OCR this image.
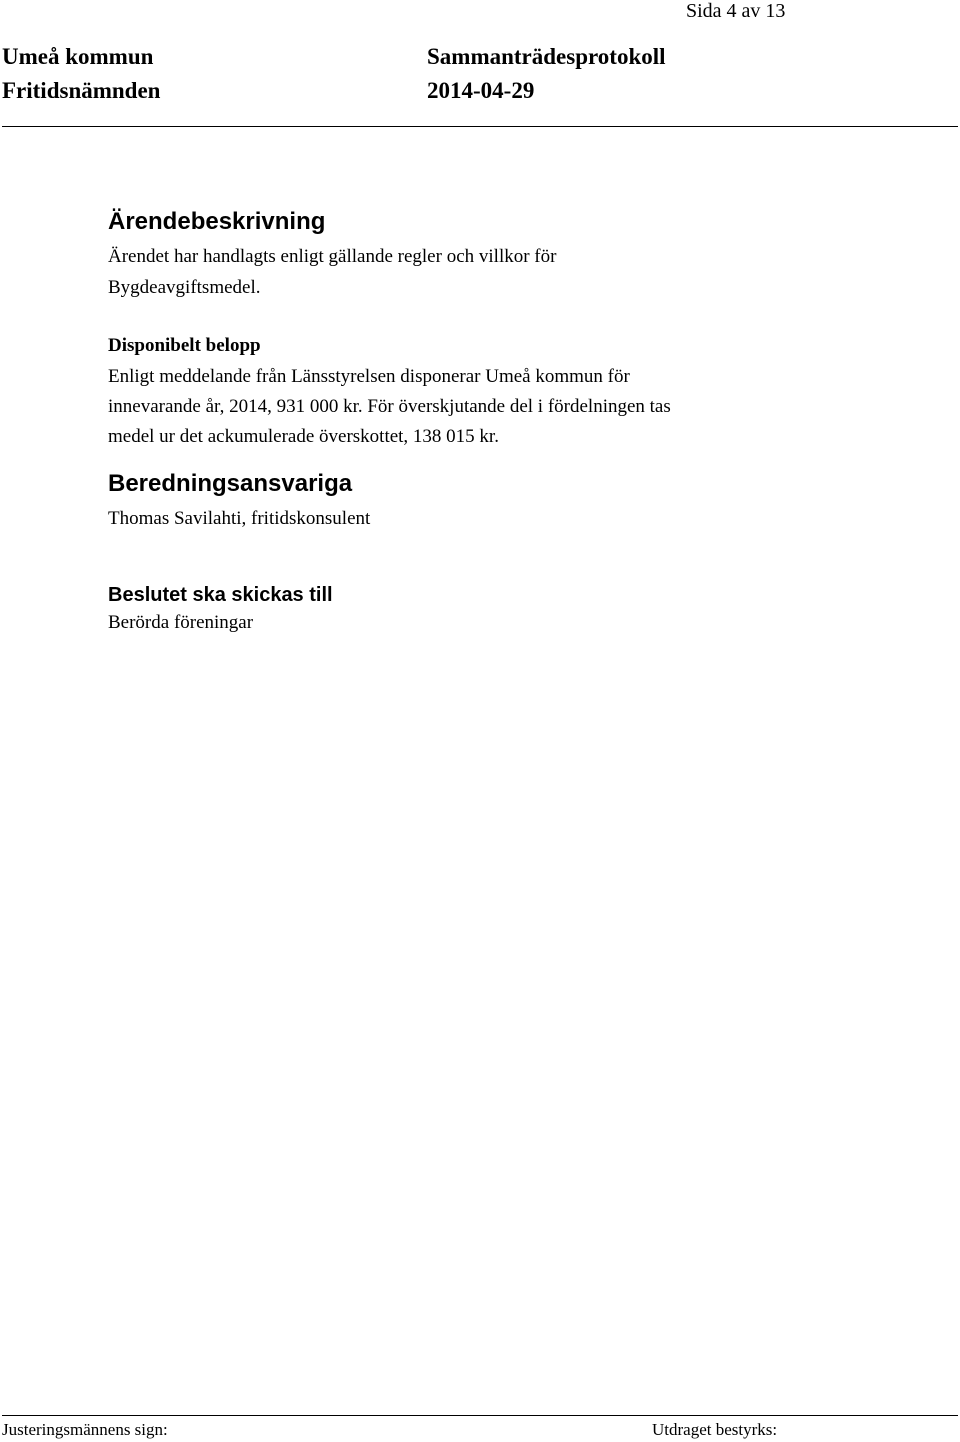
Sida 4 av 13
Umeå kommun
Fritidsnämnden
Sammanträdesprotokoll
2014-04-29
Ärendebeskrivning
Ärendet har handlagts enligt gällande regler och villkor för
Bygdeavgiftsmedel.
Disponibelt belopp
Enligt meddelande från Länsstyrelsen disponerar Umeå kommun för
innevarande år, 2014, 931 000 kr. För överskjutande del i fördelningen tas
medel ur det ackumulerade överskottet, 138 015 kr.
Beredningsansvariga
Thomas Savilahti, fritidskonsulent
Beslutet ska skickas till
Berörda föreningar
Justeringsmännens sign:	Utdraget bestyrks:
